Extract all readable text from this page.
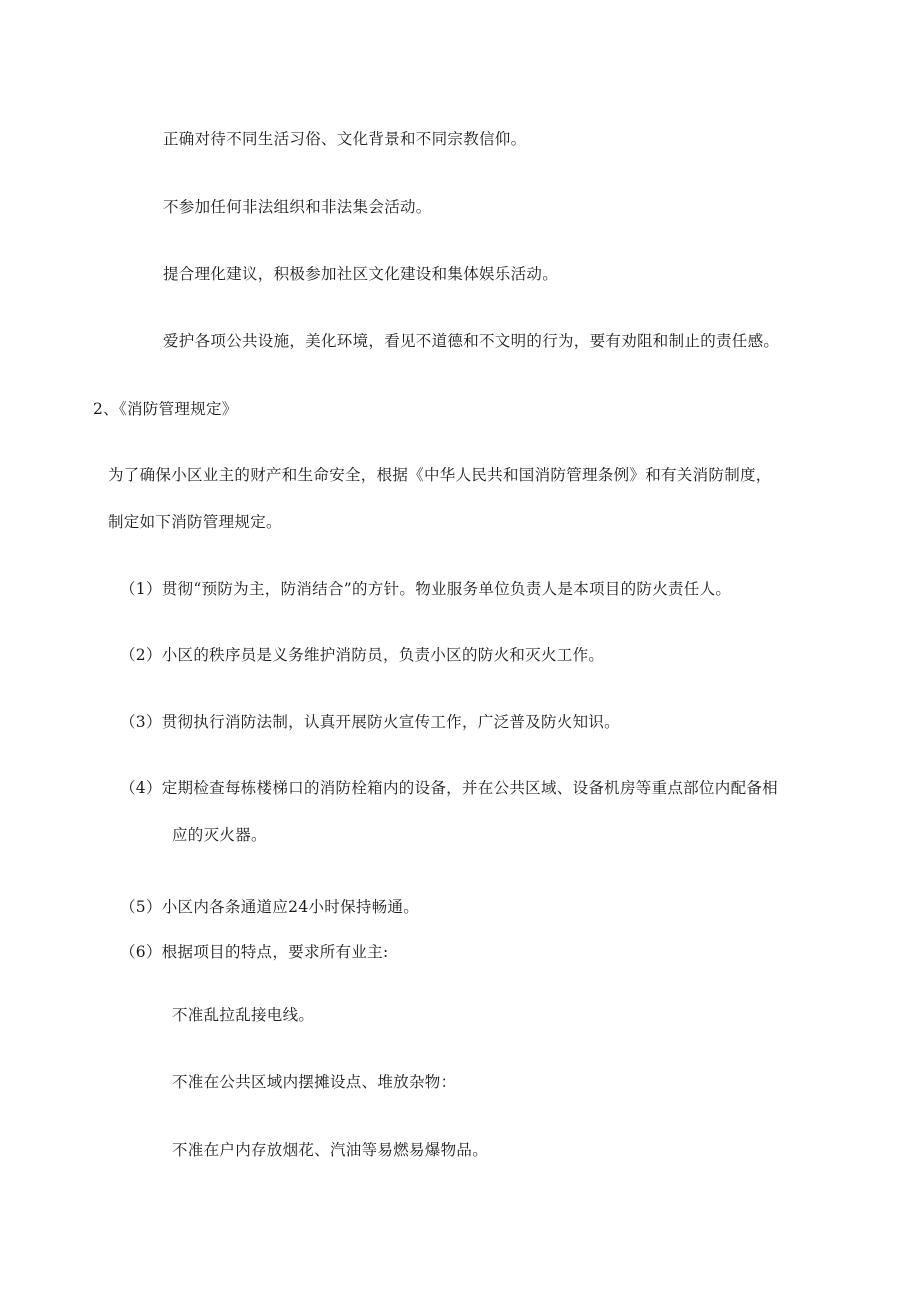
正确对待不同生活习俗、文化背景和不同宗教信仰。
不参加任何非法组织和非法集会活动。
提合理化建议，积极参加社区文化建设和集体娱乐活动。
爱护各项公共设施，美化环境，看见不道德和不文明的行为，要有劝阻和制止的责任感。
2、《消防管理规定》
为了确保小区业主的财产和生命安全，根据《中华人民共和国消防管理条例》和有关消防制度，
制定如下消防管理规定。
（1）贯彻“预防为主，防消结合”的方针。物业服务单位负责人是本项目的防火责任人。
（2）小区的秩序员是义务维护消防员，负责小区的防火和灭火工作。
（3）贯彻执行消防法制，认真开展防火宣传工作，广泛普及防火知识。
（4）定期检查每栋楼梯口的消防栓箱内的设备，并在公共区域、设备机房等重点部位内配备相
应的灭火器。
（5）小区内各条通道应24小时保持畅通。
（6）根据项目的特点，要求所有业主:
不准乱拉乱接电线。
不准在公共区域内摆摊设点、堆放杂物：
不准在户内存放烟花、汽油等易燃易爆物品。
